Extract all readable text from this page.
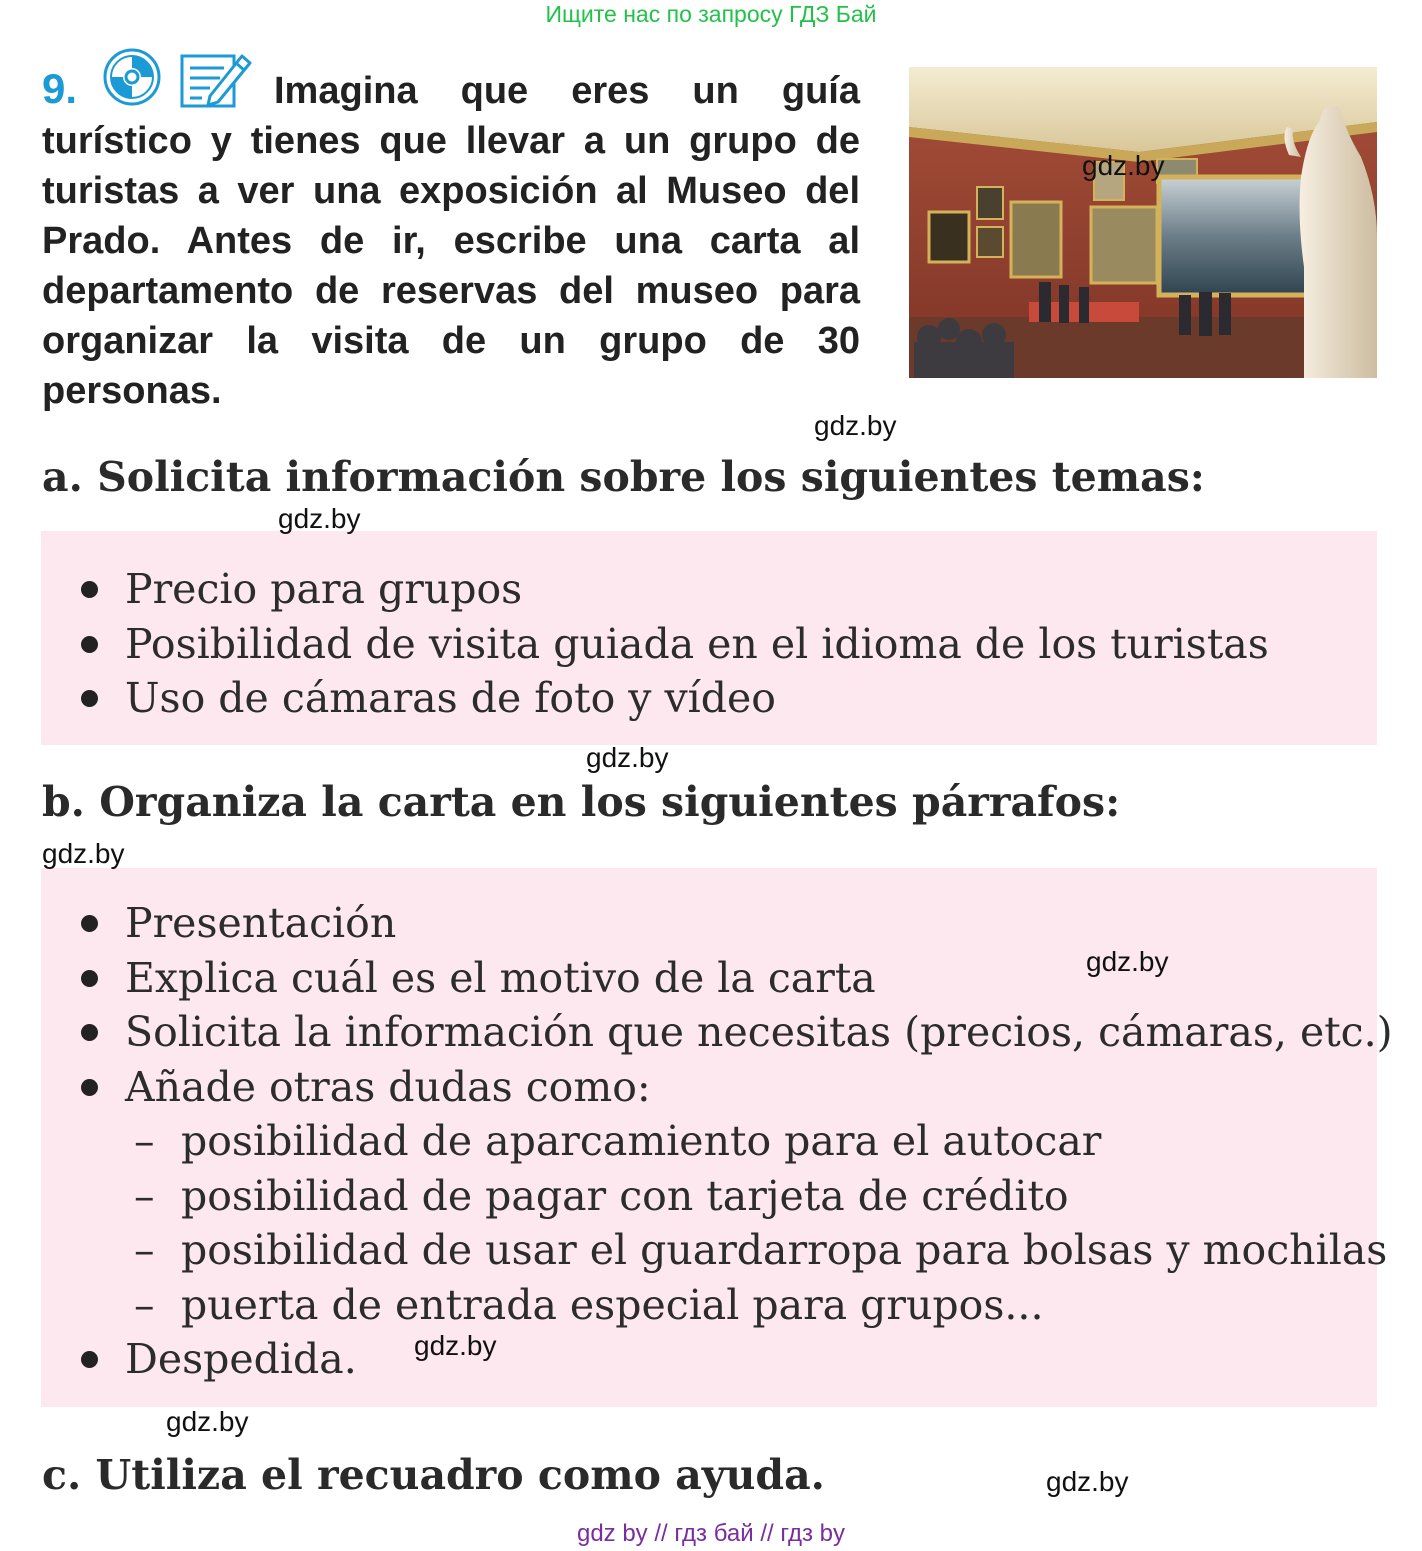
Ищите нас по запросу ГДЗ Бай
9.	Imagina que eres un guía turístico y tienes que llevar a un grupo de turistas a ver una exposición al Museo del Prado. Antes de ir, escribe una carta al departamento de reservas del museo para organizar la visita de un grupo de 30 personas.
a. Solicita información sobre los siguientes temas:
Precio para grupos
Posibilidad de visita guiada en el idioma de los turistas
Uso de cámaras de foto y vídeo
b. Organiza la carta en los siguientes párrafos:
Presentación
Explica cuál es el motivo de la carta
Solicita la información que necesitas (precios, cámaras, etc.)
Añade otras dudas como:
– posibilidad de aparcamiento para el autocar
– posibilidad de pagar con tarjeta de crédito
– posibilidad de usar el guardarropa para bolsas y mochilas
– puerta de entrada especial para grupos...
Despedida.
c. Utiliza el recuadro como ayuda.
gdz.by
gdz.by
gdz.by
gdz.by
gdz.by
gdz.by
gdz.by
gdz.by
gdz.by
gdz by // гдз бай // гдз by
